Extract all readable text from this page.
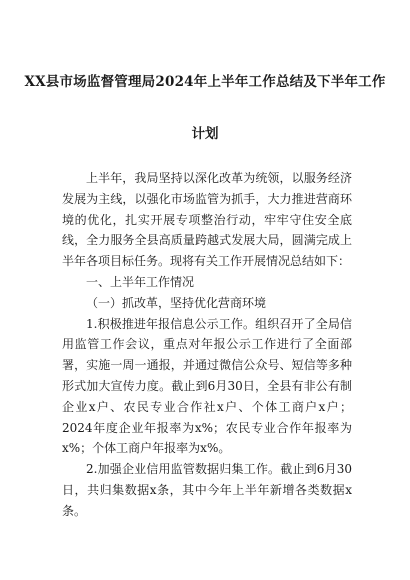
XX县市场监督管理局2024年上半年工作总结及下半年工作
计划

上半年，我局坚持以深化改革为统领，以服务经济发展为主线，以强化市场监管为抓手，大力推进营商环境的优化，扎实开展专项整治行动，牢牢守住安全底线，全力服务全县高质量跨越式发展大局，圆满完成上半年各项目标任务。现将有关工作开展情况总结如下：

一、上半年工作情况

（一）抓改革，坚持优化营商环境

1.积极推进年报信息公示工作。组织召开了全局信用监管工作会议，重点对年报公示工作进行了全面部署，实施一周一通报，并通过微信公众号、短信等多种形式加大宣传力度。截止到6月30日，全县有非公有制企业x户、农民专业合作社x户、个体工商户x户；2024年度企业年报率为x%；农民专业合作年报率为x%；个体工商户年报率为x%。

2.加强企业信用监管数据归集工作。截止到6月30日，共归集数据x条，其中今年上半年新增各类数据x条。
